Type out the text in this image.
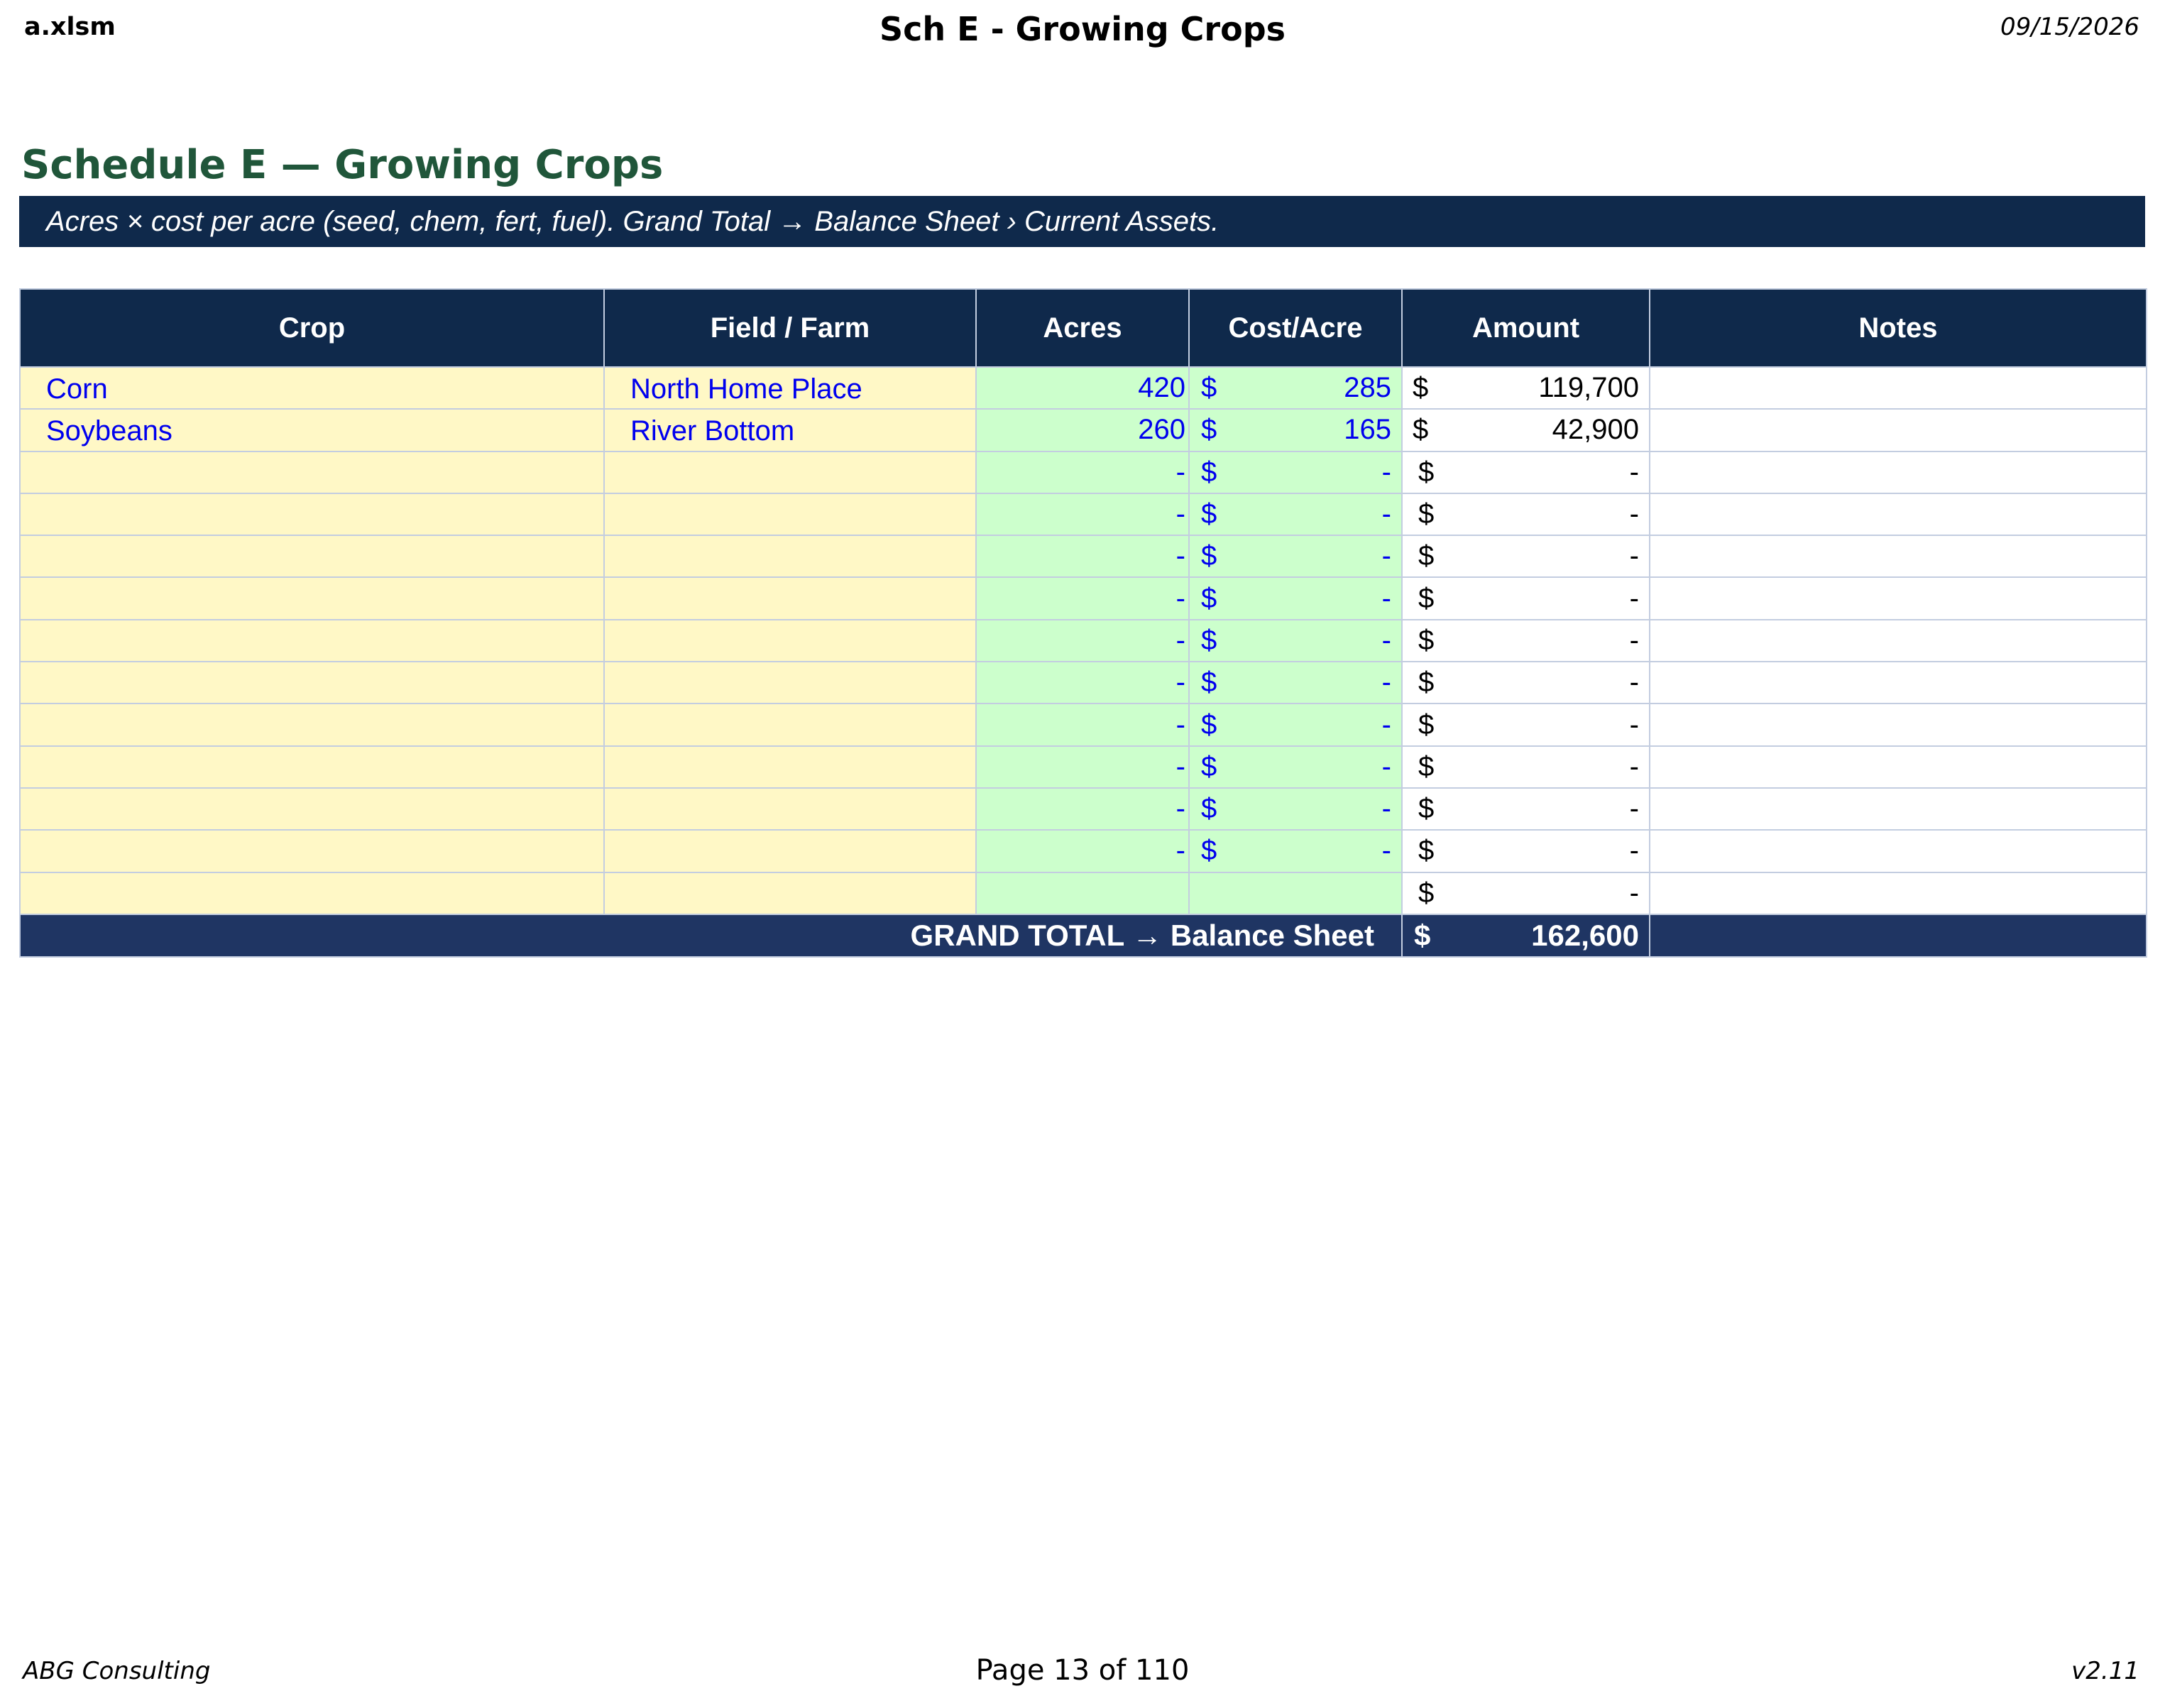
a.xlsm	Sch E - Growing Crops	09/15/2026
Schedule E — Growing Crops
Acres × cost per acre (seed, chem, fert, fuel). Grand Total → Balance Sheet › Current Assets.
Crop	Field / Farm	Acres	Cost/Acre	Amount	Notes
Corn	North Home Place	420	$ 285	$ 119,700	

Soybeans	River Bottom	260	$ 165	$ 42,900	

		-	$ -	$ -	

		-	$ -	$ -	

		-	$ -	$ -	

		-	$ -	$ -	

		-	$ -	$ -	

		-	$ -	$ -	

		-	$ -	$ -	

		-	$ -	$ -	

		-	$ -	$ -	

		-	$ -	$ -	

				$ -	

GRAND TOTAL → Balance Sheet				$ 162,600	

ABG Consulting	Page 13 of 110	v2.11
